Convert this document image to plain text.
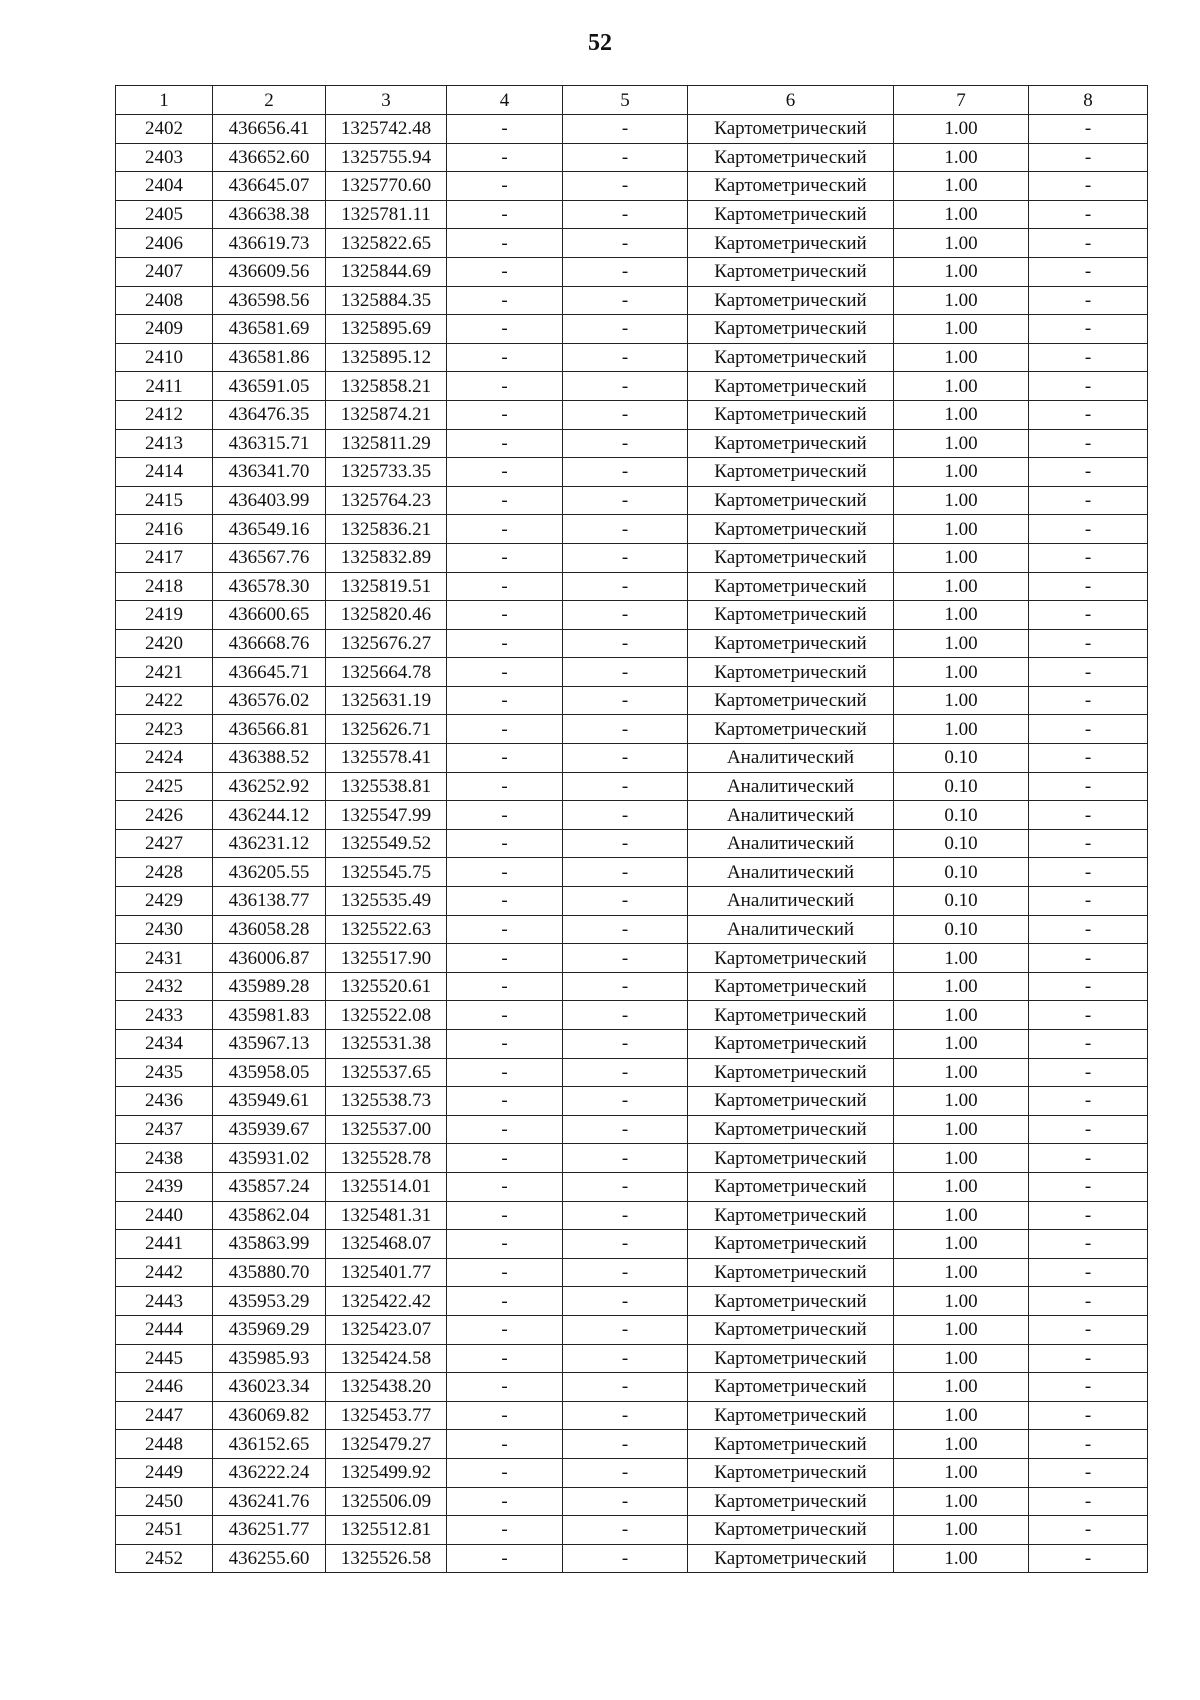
52
1	2	3	4	5	6	7	8
2402	436656.41	1325742.48	-	-	Картометрический	1.00	-
2403	436652.60	1325755.94	-	-	Картометрический	1.00	-
2404	436645.07	1325770.60	-	-	Картометрический	1.00	-
2405	436638.38	1325781.11	-	-	Картометрический	1.00	-
2406	436619.73	1325822.65	-	-	Картометрический	1.00	-
2407	436609.56	1325844.69	-	-	Картометрический	1.00	-
2408	436598.56	1325884.35	-	-	Картометрический	1.00	-
2409	436581.69	1325895.69	-	-	Картометрический	1.00	-
2410	436581.86	1325895.12	-	-	Картометрический	1.00	-
2411	436591.05	1325858.21	-	-	Картометрический	1.00	-
2412	436476.35	1325874.21	-	-	Картометрический	1.00	-
2413	436315.71	1325811.29	-	-	Картометрический	1.00	-
2414	436341.70	1325733.35	-	-	Картометрический	1.00	-
2415	436403.99	1325764.23	-	-	Картометрический	1.00	-
2416	436549.16	1325836.21	-	-	Картометрический	1.00	-
2417	436567.76	1325832.89	-	-	Картометрический	1.00	-
2418	436578.30	1325819.51	-	-	Картометрический	1.00	-
2419	436600.65	1325820.46	-	-	Картометрический	1.00	-
2420	436668.76	1325676.27	-	-	Картометрический	1.00	-
2421	436645.71	1325664.78	-	-	Картометрический	1.00	-
2422	436576.02	1325631.19	-	-	Картометрический	1.00	-
2423	436566.81	1325626.71	-	-	Картометрический	1.00	-
2424	436388.52	1325578.41	-	-	Аналитический	0.10	-
2425	436252.92	1325538.81	-	-	Аналитический	0.10	-
2426	436244.12	1325547.99	-	-	Аналитический	0.10	-
2427	436231.12	1325549.52	-	-	Аналитический	0.10	-
2428	436205.55	1325545.75	-	-	Аналитический	0.10	-
2429	436138.77	1325535.49	-	-	Аналитический	0.10	-
2430	436058.28	1325522.63	-	-	Аналитический	0.10	-
2431	436006.87	1325517.90	-	-	Картометрический	1.00	-
2432	435989.28	1325520.61	-	-	Картометрический	1.00	-
2433	435981.83	1325522.08	-	-	Картометрический	1.00	-
2434	435967.13	1325531.38	-	-	Картометрический	1.00	-
2435	435958.05	1325537.65	-	-	Картометрический	1.00	-
2436	435949.61	1325538.73	-	-	Картометрический	1.00	-
2437	435939.67	1325537.00	-	-	Картометрический	1.00	-
2438	435931.02	1325528.78	-	-	Картометрический	1.00	-
2439	435857.24	1325514.01	-	-	Картометрический	1.00	-
2440	435862.04	1325481.31	-	-	Картометрический	1.00	-
2441	435863.99	1325468.07	-	-	Картометрический	1.00	-
2442	435880.70	1325401.77	-	-	Картометрический	1.00	-
2443	435953.29	1325422.42	-	-	Картометрический	1.00	-
2444	435969.29	1325423.07	-	-	Картометрический	1.00	-
2445	435985.93	1325424.58	-	-	Картометрический	1.00	-
2446	436023.34	1325438.20	-	-	Картометрический	1.00	-
2447	436069.82	1325453.77	-	-	Картометрический	1.00	-
2448	436152.65	1325479.27	-	-	Картометрический	1.00	-
2449	436222.24	1325499.92	-	-	Картометрический	1.00	-
2450	436241.76	1325506.09	-	-	Картометрический	1.00	-
2451	436251.77	1325512.81	-	-	Картометрический	1.00	-
2452	436255.60	1325526.58	-	-	Картометрический	1.00	-
